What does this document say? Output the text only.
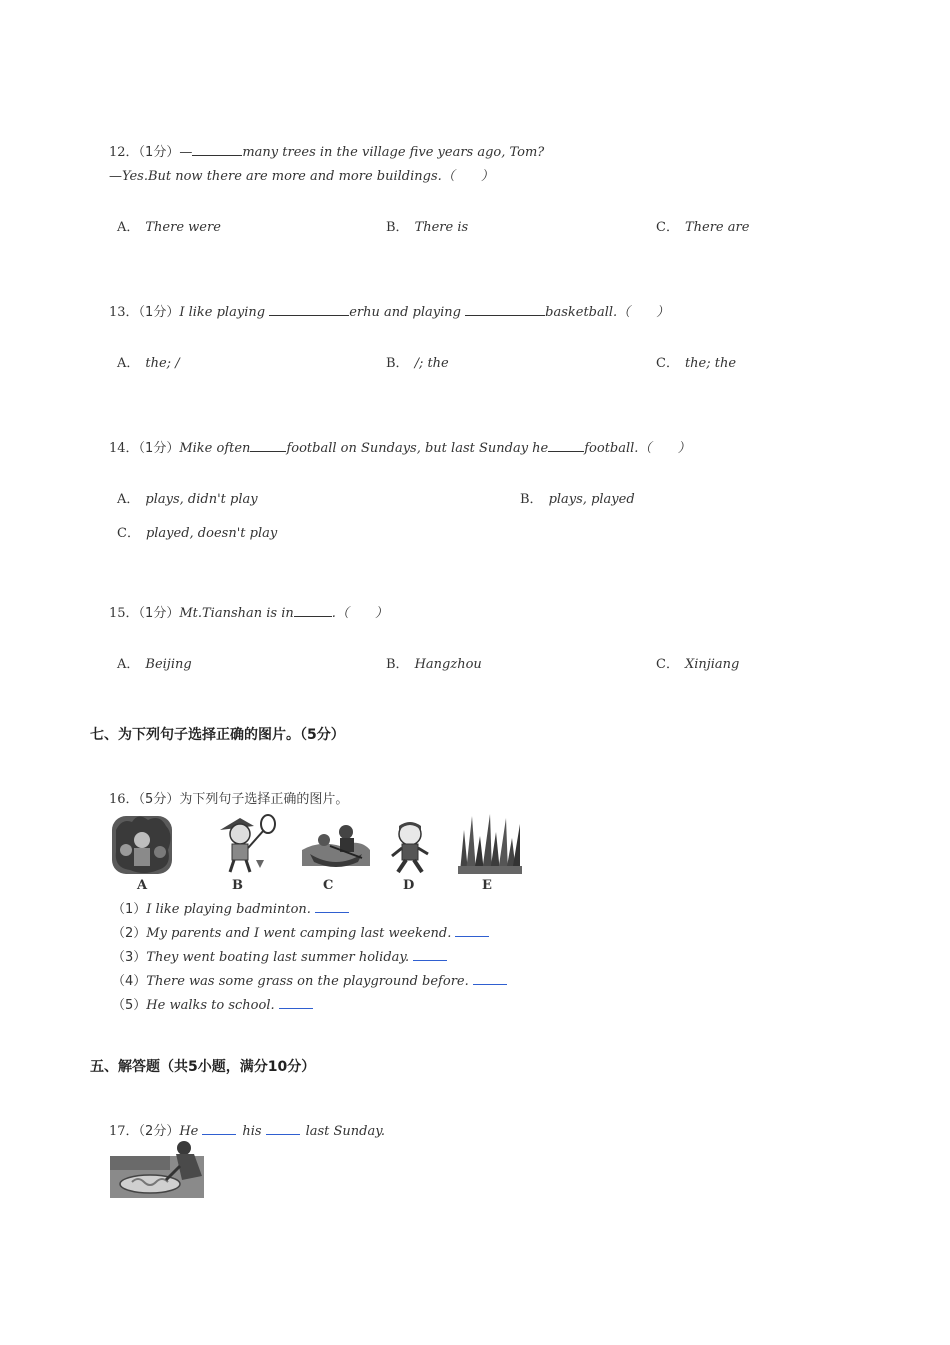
12．（1分）—	many trees in the village five years ago, Tom?
—Yes.But now there are more and more buildings.（　　）
A． There were	B． There is	C． There are
13．（1分）I like playing	erhu and playing	basketball.（　　）
A． the; /	B． /; the	C． the; the
14．（1分）Mike often	football on Sundays, but last Sunday he	football.（　　）
A． plays, didn't play	B． plays, played
C． played, doesn't play
15．（1分）Mt.Tianshan is in	.（　　）
A． Beijing	B． Hangzhou	C． Xinjiang
七、为下列句子选择正确的图片。（5分）
16．（5分）为下列句子选择正确的图片。
A	B	C	D	E
（1）I like playing badminton.
（2）My parents and I went camping last weekend.
（3）They went boating last summer holiday.
（4）There was some grass on the playground before.
（5）He walks to school.
五、解答题（共5小题，满分10分）
17．（2分）He	his	last Sunday.
